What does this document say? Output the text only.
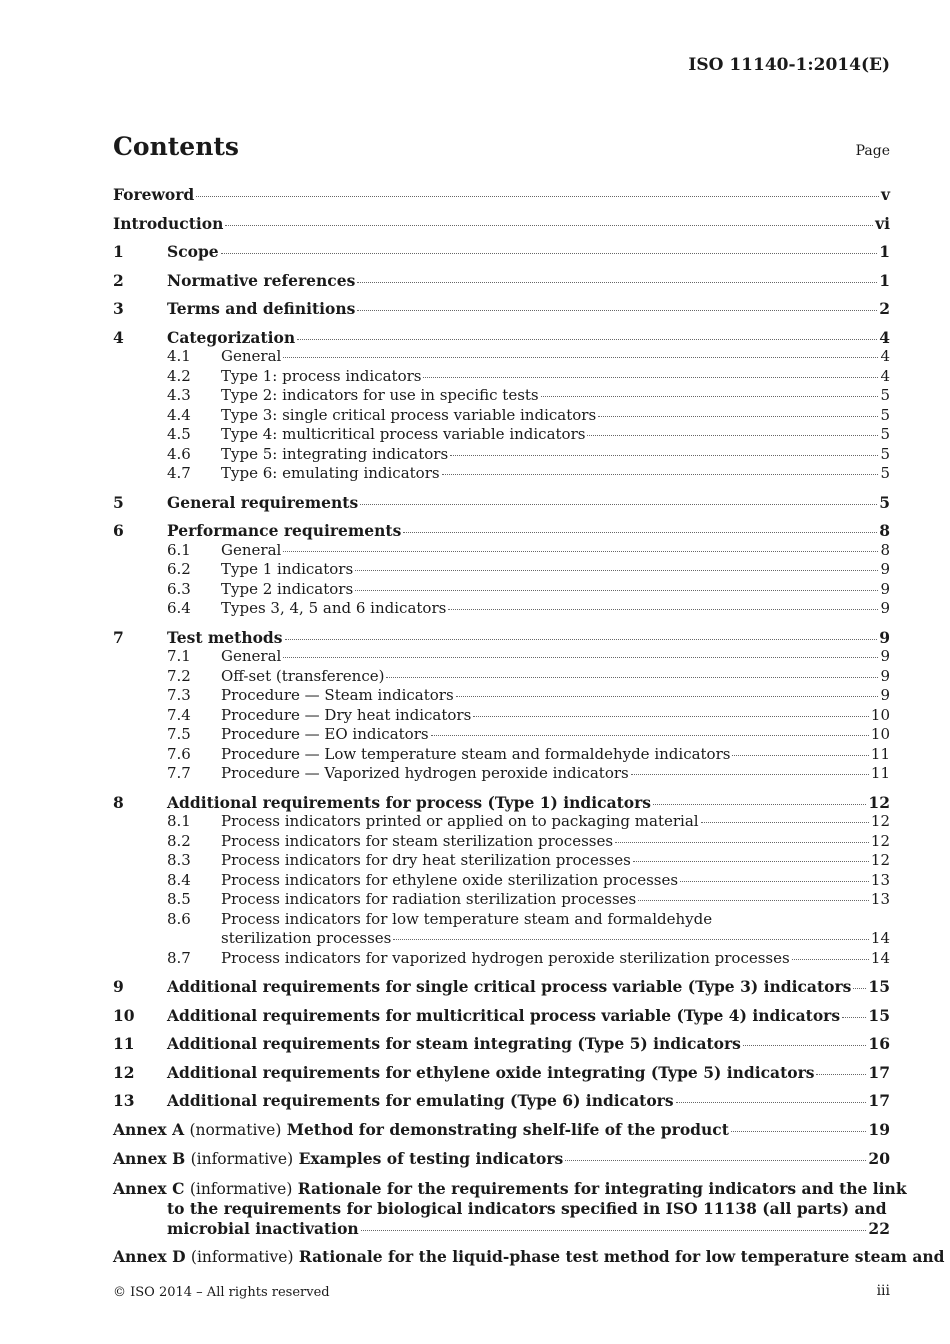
ISO 11140-1:2014(E)
Contents	Page
Foreword	v
Introduction	vi
1	Scope	1
2	Normative references	1
3	Terms and definitions	2
4	Categorization	4
4.1	General	4
4.2	Type 1: process indicators	4
4.3	Type 2: indicators for use in specific tests	5
4.4	Type 3: single critical process variable indicators	5
4.5	Type 4: multicritical process variable indicators	5
4.6	Type 5: integrating indicators	5
4.7	Type 6: emulating indicators	5
5	General requirements	5
6	Performance requirements	8
6.1	General	8
6.2	Type 1 indicators	9
6.3	Type 2 indicators	9
6.4	Types 3, 4, 5 and 6 indicators	9
7	Test methods	9
7.1	General	9
7.2	Off-set (transference)	9
7.3	Procedure — Steam indicators	9
7.4	Procedure — Dry heat indicators	10
7.5	Procedure — EO indicators	10
7.6	Procedure — Low temperature steam and formaldehyde indicators	11
7.7	Procedure — Vaporized hydrogen peroxide indicators	11
8	Additional requirements for process (Type 1) indicators	12
8.1	Process indicators printed or applied on to packaging material	12
8.2	Process indicators for steam sterilization processes	12
8.3	Process indicators for dry heat sterilization processes	12
8.4	Process indicators for ethylene oxide sterilization processes	13
8.5	Process indicators for radiation sterilization processes	13
8.6	Process indicators for low temperature steam and formaldehyde
sterilization processes	14
8.7	Process indicators for vaporized hydrogen peroxide sterilization processes	14
9	Additional requirements for single critical process variable (Type 3) indicators 15
10	Additional requirements for multicritical process variable (Type 4) indicators 15
11	Additional requirements for steam integrating (Type 5) indicators	16
12	Additional requirements for ethylene oxide integrating (Type 5) indicators	17
13	Additional requirements for emulating (Type 6) indicators	17
Annex A (normative) Method for demonstrating shelf-life of the product	19
Annex B (informative) Examples of testing indicators	20
Annex C (informative) Rationale for the requirements for integrating indicators and the link
to the requirements for biological indicators specified in ISO 11138 (all parts) and
microbial inactivation	22
Annex D (informative) Rationale for the liquid-phase test method for low temperature steam and
© ISO 2014 – All rights reserved	iii
